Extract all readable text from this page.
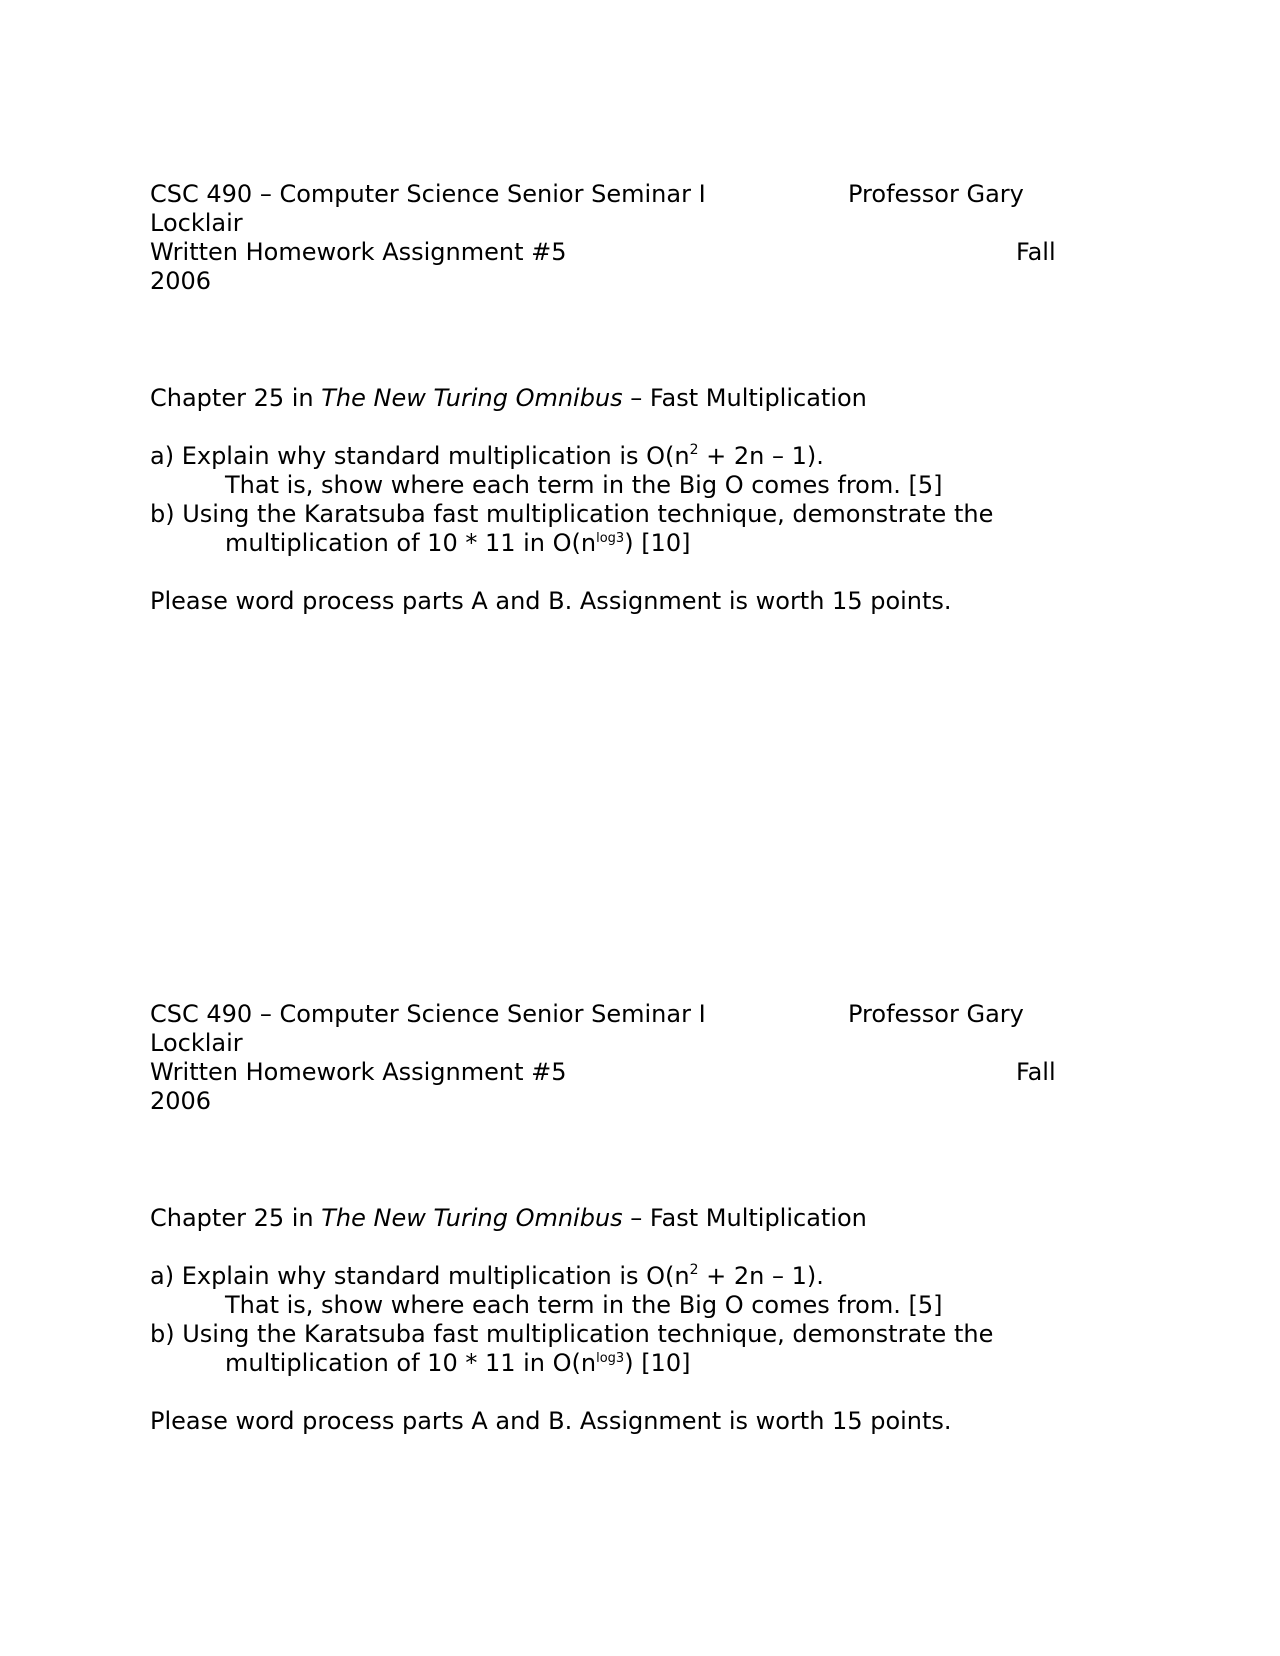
CSC 490 – Computer Science Senior Seminar I	Professor Gary
Locklair
Written Homework Assignment #5	Fall
2006
Chapter 25 in The New Turing Omnibus – Fast Multiplication
a) Explain why standard multiplication is $O(n^2 + 2n - 1)$.
That is, show where each term in the Big O comes from. [5]
b) Using the Karatsuba fast multiplication technique, demonstrate the
multiplication of 10 * 11 in $O(n^{log3})$ [10]
Please word process parts A and B. Assignment is worth 15 points.
CSC 490 – Computer Science Senior Seminar I	Professor Gary
Locklair
Written Homework Assignment #5	Fall
2006
Chapter 25 in The New Turing Omnibus – Fast Multiplication
a) Explain why standard multiplication is $O(n^2 + 2n - 1)$.
That is, show where each term in the Big O comes from. [5]
b) Using the Karatsuba fast multiplication technique, demonstrate the
multiplication of 10 * 11 in $O(n^{log3})$ [10]
Please word process parts A and B. Assignment is worth 15 points.
